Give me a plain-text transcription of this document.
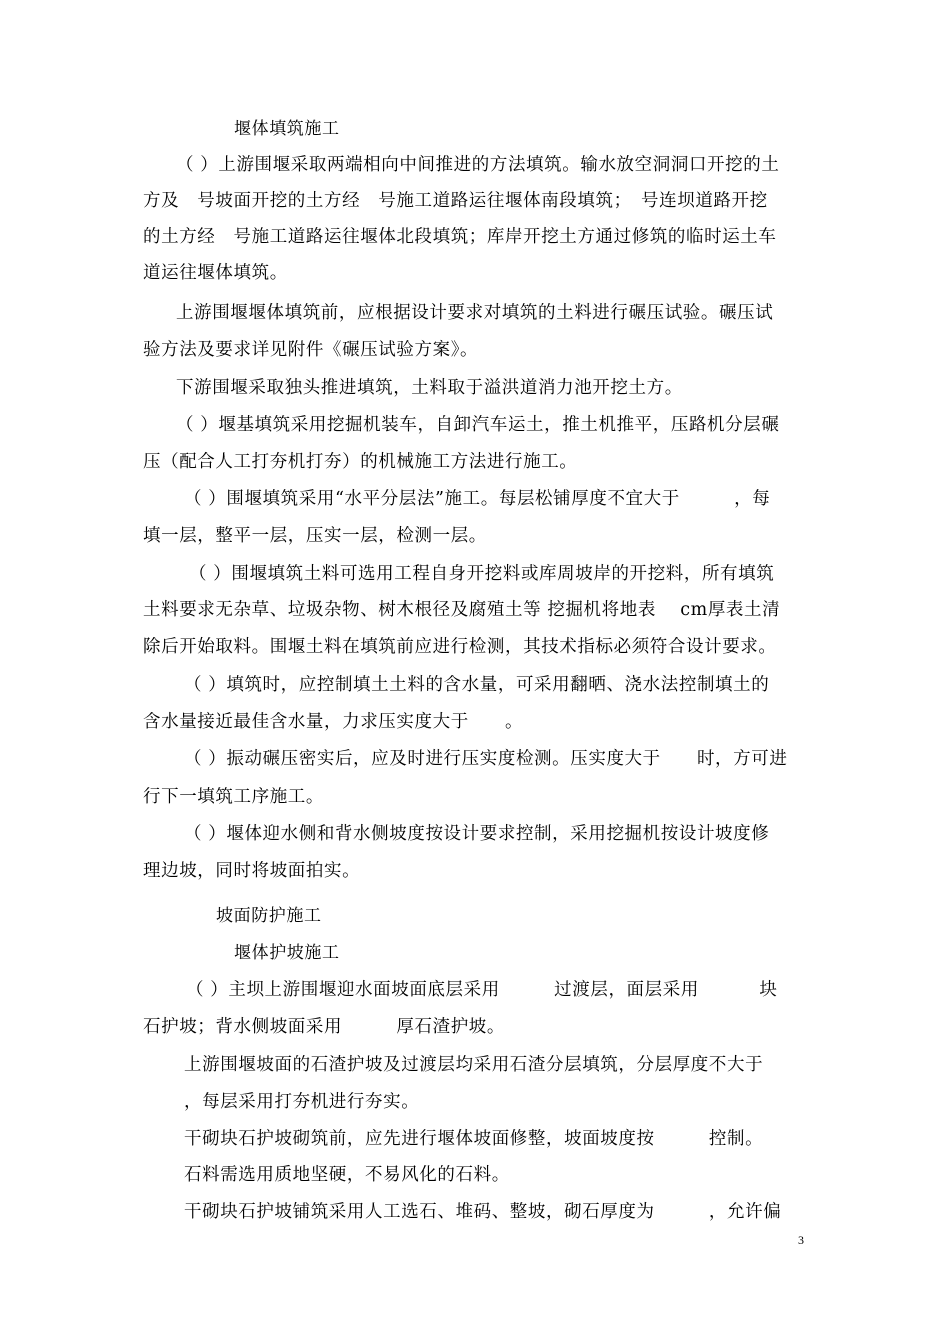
堰体填筑施工
（ ）上游围堰采取两端相向中间推进的方法填筑。输水放空洞洞口开挖的土
方及　号坡面开挖的土方经　号施工道路运往堰体南段填筑；　号连坝道路开挖
的土方经　号施工道路运往堰体北段填筑；库岸开挖土方通过修筑的临时运土车
道运往堰体填筑。
上游围堰堰体填筑前，应根据设计要求对填筑的土料进行碾压试验。碾压试
验方法及要求详见附件《碾压试验方案》。
下游围堰采取独头推进填筑，土料取于溢洪道消力池开挖土方。
（ ）堰基填筑采用挖掘机装车，自卸汽车运土，推土机推平，压路机分层碾
压（配合人工打夯机打夯）的机械施工方法进行施工。
（ ）围堰填筑采用“水平分层法”施工。每层松铺厚度不宜大于　　　，每
填一层，整平一层，压实一层，检测一层。
（ ）围堰填筑土料可选用工程自身开挖料或库周坡岸的开挖料，所有填筑
土料要求无杂草、垃圾杂物、树木根径及腐殖土等 挖掘机将地表　 cm厚表土清
除后开始取料。围堰土料在填筑前应进行检测，其技术指标必须符合设计要求。
（ ）填筑时，应控制填土土料的含水量，可采用翻晒、浇水法控制填土的
含水量接近最佳含水量，力求压实度大于　　。
（ ）振动碾压密实后，应及时进行压实度检测。压实度大于　　时，方可进
行下一填筑工序施工。
（ ）堰体迎水侧和背水侧坡度按设计要求控制，采用挖掘机按设计坡度修
理边坡，同时将坡面拍实。
坡面防护施工
堰体护坡施工
（ ）主坝上游围堰迎水面坡面底层采用　　　过渡层，面层采用　　　 块
石护坡；背水侧坡面采用　　　厚石渣护坡。
上游围堰坡面的石渣护坡及过渡层均采用石渣分层填筑，分层厚度不大于
，每层采用打夯机进行夯实。
干砌块石护坡砌筑前，应先进行堰体坡面修整，坡面坡度按　　　控制。
石料需选用质地坚硬，不易风化的石料。
干砌块石护坡铺筑采用人工选石、堆码、整坡，砌石厚度为　　　，允许偏
3
